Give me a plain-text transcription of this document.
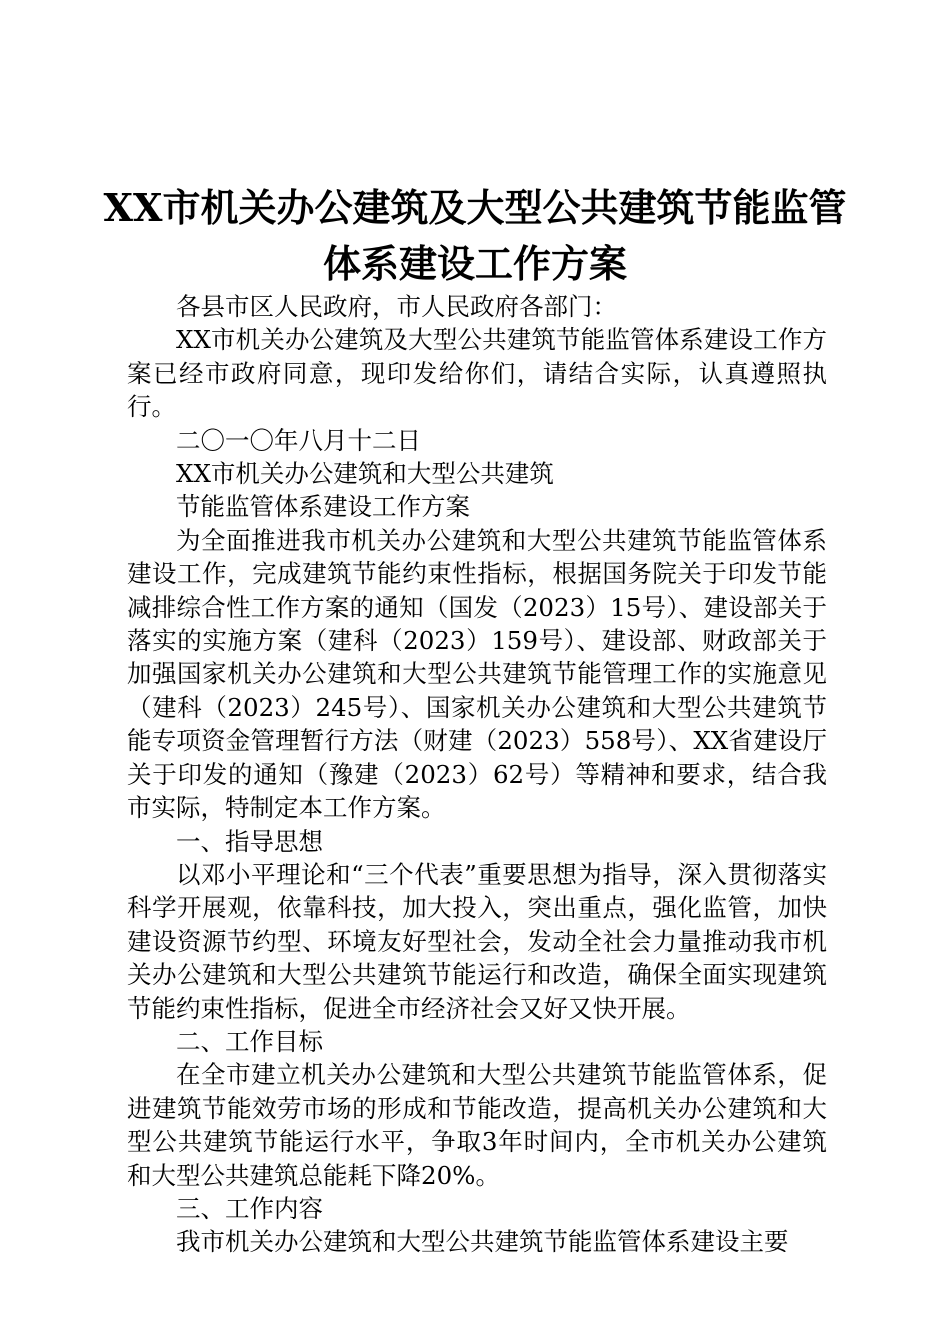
XX市机关办公建筑及大型公共建筑节能监管
体系建设工作方案

各县市区人民政府，市人民政府各部门：

XX市机关办公建筑及大型公共建筑节能监管体系建设工作方案已经市政府同意，现印发给你们，请结合实际，认真遵照执行。

二〇一〇年八月十二日

XX市机关办公建筑和大型公共建筑

节能监管体系建设工作方案

为全面推进我市机关办公建筑和大型公共建筑节能监管体系建设工作，完成建筑节能约束性指标，根据国务院关于印发节能减排综合性工作方案的通知（国发（2023）15号）、建设部关于落实的实施方案（建科（2023）159号）、建设部、财政部关于加强国家机关办公建筑和大型公共建筑节能管理工作的实施意见（建科（2023）245号）、国家机关办公建筑和大型公共建筑节能专项资金管理暂行方法（财建（2023）558号）、XX省建设厅关于印发的通知（豫建（2023）62号）等精神和要求，结合我市实际，特制定本工作方案。

一、指导思想

以邓小平理论和“三个代表”重要思想为指导，深入贯彻落实科学开展观，依靠科技，加大投入，突出重点，强化监管，加快建设资源节约型、环境友好型社会，发动全社会力量推动我市机关办公建筑和大型公共建筑节能运行和改造，确保全面实现建筑节能约束性指标，促进全市经济社会又好又快开展。

二、工作目标

在全市建立机关办公建筑和大型公共建筑节能监管体系，促进建筑节能效劳市场的形成和节能改造，提高机关办公建筑和大型公共建筑节能运行水平，争取3年时间内，全市机关办公建筑和大型公共建筑总能耗下降20%。

三、工作内容

我市机关办公建筑和大型公共建筑节能监管体系建设主要
